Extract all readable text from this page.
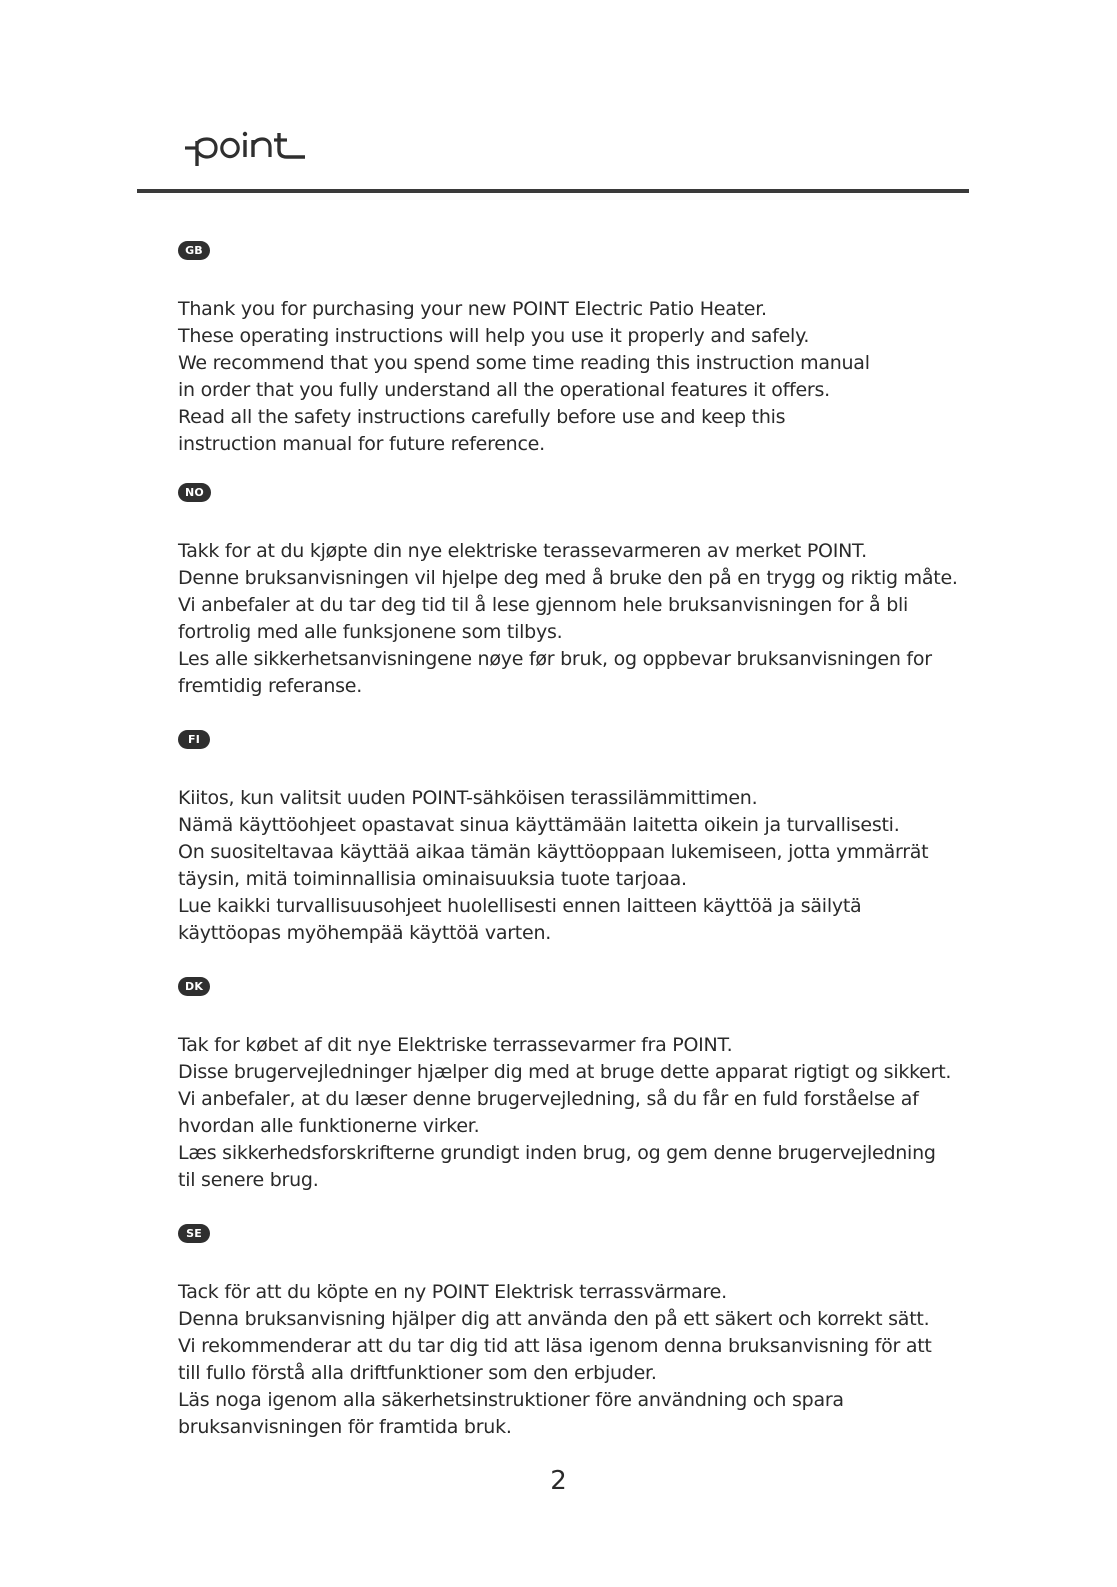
GB
Thank you for purchasing your new POINT Electric Patio Heater.
These operating instructions will help you use it properly and safely.
We recommend that you spend some time reading this instruction manual
in order that you fully understand all the operational features it offers.
Read all the safety instructions carefully before use and keep this
instruction manual for future reference.
NO
Takk for at du kjøpte din nye elektriske terassevarmeren av merket POINT.
Denne bruksanvisningen vil hjelpe deg med å bruke den på en trygg og riktig måte.
Vi anbefaler at du tar deg tid til å lese gjennom hele bruksanvisningen for å bli
fortrolig med alle funksjonene som tilbys.
Les alle sikkerhetsanvisningene nøye før bruk, og oppbevar bruksanvisningen for
fremtidig referanse.
FI
Kiitos, kun valitsit uuden POINT-sähköisen terassilämmittimen.
Nämä käyttöohjeet opastavat sinua käyttämään laitetta oikein ja turvallisesti.
On suositeltavaa käyttää aikaa tämän käyttöoppaan lukemiseen, jotta ymmärrät
täysin, mitä toiminnallisia ominaisuuksia tuote tarjoaa.
Lue kaikki turvallisuusohjeet huolellisesti ennen laitteen käyttöä ja säilytä
käyttöopas myöhempää käyttöä varten.
DK
Tak for købet af dit nye Elektriske terrassevarmer fra POINT.
Disse brugervejledninger hjælper dig med at bruge dette apparat rigtigt og sikkert.
Vi anbefaler, at du læser denne brugervejledning, så du får en fuld forståelse af
hvordan alle funktionerne virker.
Læs sikkerhedsforskrifterne grundigt inden brug, og gem denne brugervejledning
til senere brug.
SE
Tack för att du köpte en ny POINT Elektrisk terrassvärmare.
Denna bruksanvisning hjälper dig att använda den på ett säkert och korrekt sätt.
Vi rekommenderar att du tar dig tid att läsa igenom denna bruksanvisning för att
till fullo förstå alla driftfunktioner som den erbjuder.
Läs noga igenom alla säkerhetsinstruktioner före användning och spara
bruksanvisningen för framtida bruk.
2
